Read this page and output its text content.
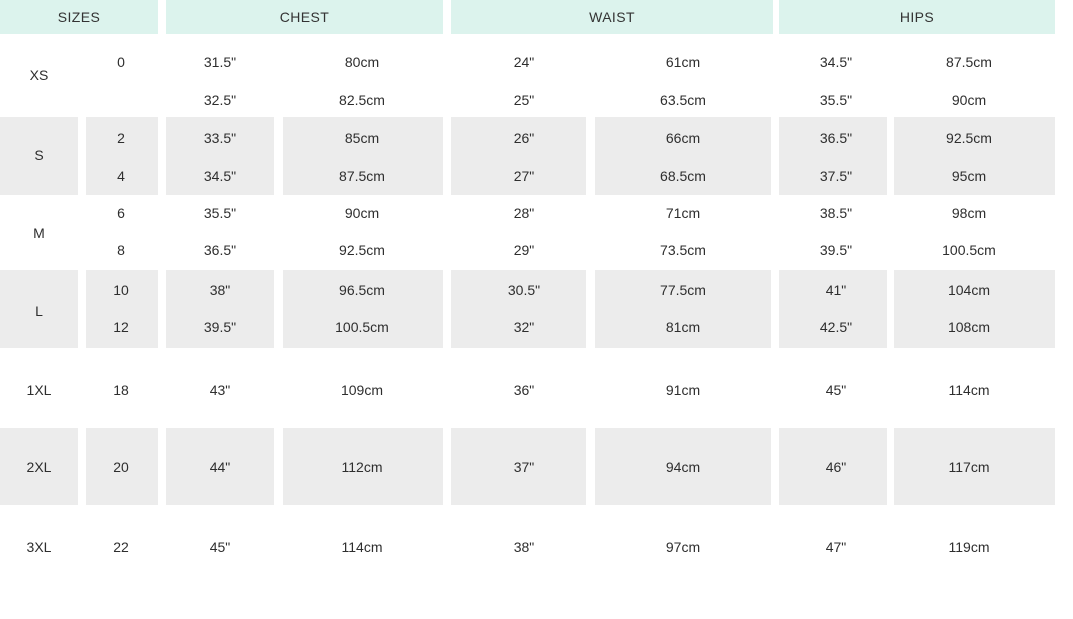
SIZES	CHEST	WAIST	HIPS
XS
0	31.5"	80cm	24"	61cm	34.5"	87.5cm
32.5"	82.5cm	25"	63.5cm	35.5"	90cm
S
2	33.5"	85cm	26"	66cm	36.5"	92.5cm
4	34.5"	87.5cm	27"	68.5cm	37.5"	95cm
M
6	35.5"	90cm	28"	71cm	38.5"	98cm
8	36.5"	92.5cm	29"	73.5cm	39.5"	100.5cm
L
10	38"	96.5cm	30.5"	77.5cm	41"	104cm
12	39.5"	100.5cm	32"	81cm	42.5"	108cm
1XL	18	43"	109cm	36"	91cm	45"	114cm
2XL	20	44"	112cm	37"	94cm	46"	117cm
3XL	22	45"	114cm	38"	97cm	47"	119cm
